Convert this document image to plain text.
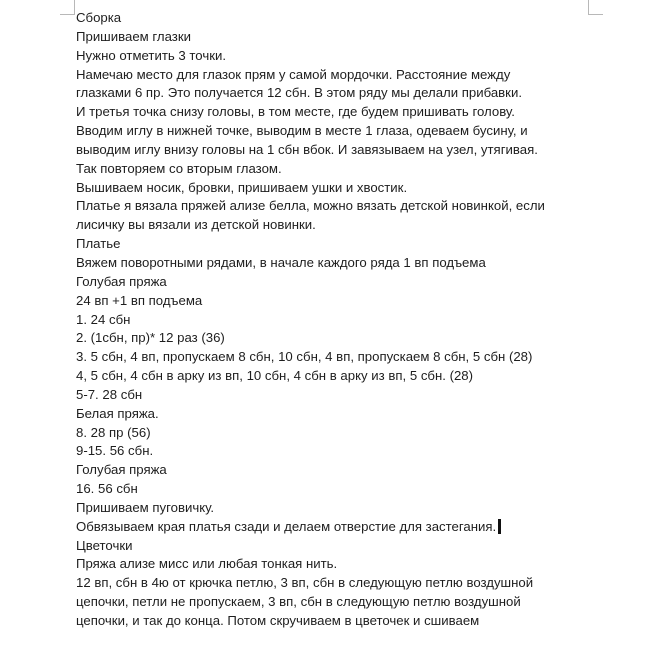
Сборка
Пришиваем глазки
Нужно отметить 3 точки.
Намечаю место для глазок прям у самой мордочки. Расстояние между
глазками 6 пр. Это получается 12 сбн. В этом ряду мы делали прибавки.
И третья точка снизу головы, в том месте, где будем пришивать голову.
Вводим иглу в нижней точке, выводим в месте 1 глаза, одеваем бусину, и
выводим иглу внизу головы на 1 сбн вбок. И завязываем на узел, утягивая.
Так повторяем со вторым глазом.
Вышиваем носик, бровки, пришиваем ушки и хвостик.
Платье я вязала пряжей ализе белла, можно вязать детской новинкой, если
лисичку вы вязали из детской новинки.
Платье
Вяжем поворотными рядами, в начале каждого ряда 1 вп подъема
Голубая пряжа
24 вп +1 вп подъема
1. 24 сбн
2. (1сбн, пр)* 12 раз (36)
3. 5 сбн, 4 вп, пропускаем 8 сбн, 10 сбн, 4 вп, пропускаем 8 сбн, 5 сбн (28)
4, 5 сбн, 4 сбн в арку из вп, 10 сбн, 4 сбн в арку из вп, 5 сбн. (28)
5-7. 28 сбн
Белая пряжа.
8. 28 пр (56)
9-15. 56 сбн.
Голубая пряжа
16. 56 сбн
Пришиваем пуговичку.
Обвязываем края платья сзади и делаем отверстие для застегания.
Цветочки
Пряжа ализе мисс или любая тонкая нить.
12 вп, сбн в 4ю от крючка петлю, 3 вп, сбн в следующую петлю воздушной
цепочки, петли не пропускаем, 3 вп, сбн в следующую петлю воздушной
цепочки, и так до конца. Потом скручиваем в цветочек и сшиваем
